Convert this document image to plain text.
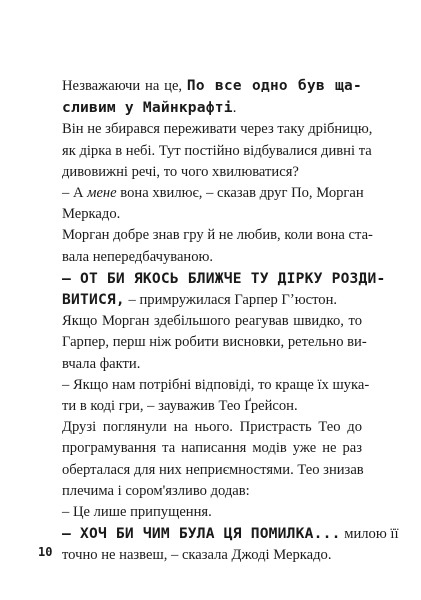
Незважаючи на це, По все одно був ща-
сливим у Майнкрафті.
Він не збирався переживати через таку дрібницю,
як дірка в небі. Тут постійно відбувалися дивні та
дивовижні речі, то чого хвилюватися?
– А мене вона хвилює, – сказав друг По, Морган
Меркадо.
Морган добре знав гру й не любив, коли вона ста-
вала непередбачуваною.
– ОТ БИ ЯКОСЬ БЛИЖЧЕ ТУ ДІРКУ РОЗДИ-
ВИТИСЯ, – примружилася Гарпер Гʼюстон.
Якщо Морган здебільшого реагував швидко, то
Гарпер, перш ніж робити висновки, ретельно ви-
вчала факти.
– Якщо нам потрібні відповіді, то краще їх шука-
ти в коді гри, – зауважив Тео Ґрейсон.
Друзі поглянули на нього. Пристрасть Тео до
програмування та написання модів уже не раз
оберталася для них неприємностями. Тео знизав
плечима і сором'язливо додав:
– Це лише припущення.
– ХОЧ БИ ЧИМ БУЛА ЦЯ ПОМИЛКА... милою її
точно не назвеш, – сказала Джоді Меркадо.
10
